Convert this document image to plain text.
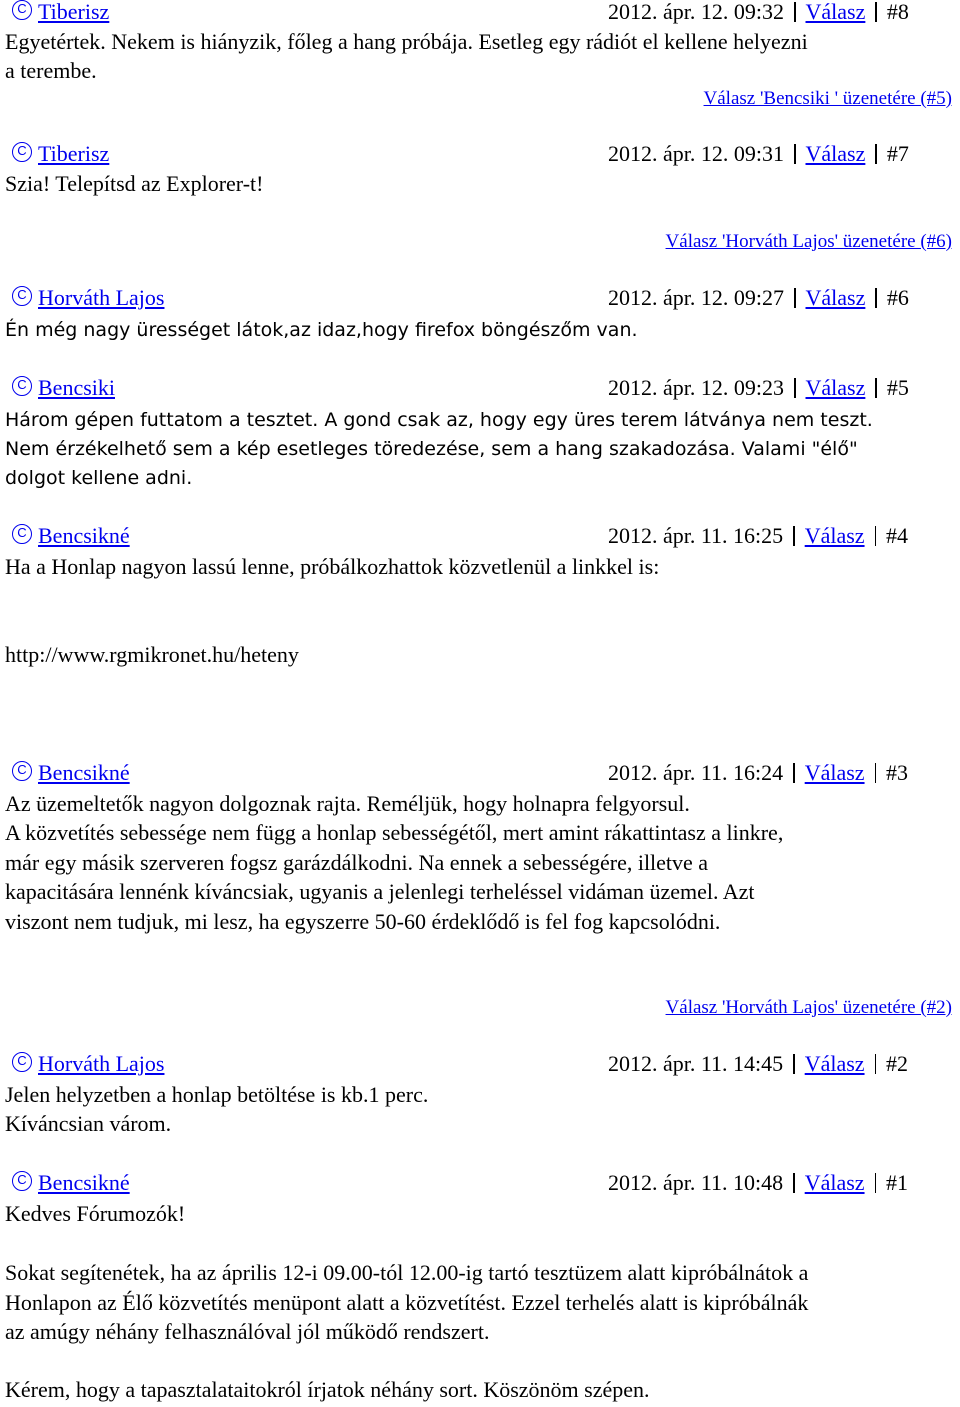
CTiberisz	2012. ápr. 12. 09:32 Válasz #8
Egyetértek. Nekem is hiányzik, főleg a hang próbája. Esetleg egy rádiót el kellene helyezni
a terembe.
Válasz 'Bencsiki ' üzenetére (#5)
CTiberisz	2012. ápr. 12. 09:31 Válasz #7
Szia! Telepítsd az Explorer-t!
Válasz 'Horváth Lajos' üzenetére (#6)
CHorváth Lajos	2012. ápr. 12. 09:27 Válasz #6
Én még nagy ürességet látok,az idaz,hogy firefox böngészőm van.
CBencsiki	2012. ápr. 12. 09:23 Válasz #5
Három gépen futtatom a tesztet. A gond csak az, hogy egy üres terem látványa nem teszt.
Nem érzékelhető sem a kép esetleges töredezése, sem a hang szakadozása. Valami "élő"
dolgot kellene adni.
CBencsikné	2012. ápr. 11. 16:25 Válasz #4
Ha a Honlap nagyon lassú lenne, próbálkozhattok közvetlenül a linkkel is:
http://www.rgmikronet.hu/heteny
CBencsikné	2012. ápr. 11. 16:24 Válasz #3
Az üzemeltetők nagyon dolgoznak rajta. Reméljük, hogy holnapra felgyorsul.
A közvetítés sebessége nem függ a honlap sebességétől, mert amint rákattintasz a linkre,
már egy másik szerveren fogsz garázdálkodni. Na ennek a sebességére, illetve a
kapacitására lennénk kíváncsiak, ugyanis a jelenlegi terheléssel vidáman üzemel. Azt
viszont nem tudjuk, mi lesz, ha egyszerre 50-60 érdeklődő is fel fog kapcsolódni.
Válasz 'Horváth Lajos' üzenetére (#2)
CHorváth Lajos	2012. ápr. 11. 14:45 Válasz #2
Jelen helyzetben a honlap betöltése is kb.1 perc.
Kíváncsian várom.
CBencsikné	2012. ápr. 11. 10:48 Válasz #1
Kedves Fórumozók!
Sokat segítenétek, ha az április 12-i 09.00-tól 12.00-ig tartó tesztüzem alatt kipróbálnátok a
Honlapon az Élő közvetítés menüpont alatt a közvetítést. Ezzel terhelés alatt is kipróbálnák
az amúgy néhány felhasználóval jól működő rendszert.
Kérem, hogy a tapasztalataitokról írjatok néhány sort. Köszönöm szépen.
